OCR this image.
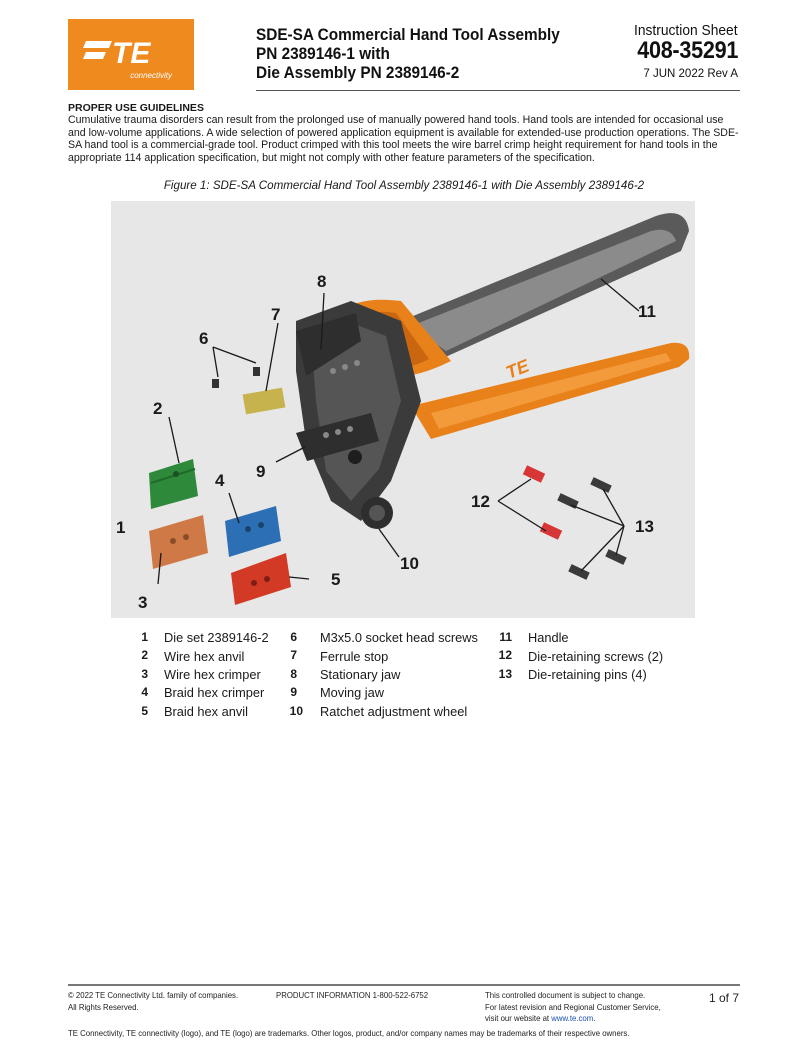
TE
connectivity
SDE-SA Commercial Hand Tool Assembly
PN 2389146-1 with
Die Assembly PN 2389146-2
Instruction Sheet
408-35291
7 JUN 2022 Rev A
PROPER USE GUIDELINES
Cumulative trauma disorders can result from the prolonged use of manually powered hand tools. Hand tools are intended for occasional use and low-volume applications. A wide selection of powered application equipment is available for extended-use production operations. The SDE-SA hand tool is a commercial-grade tool. Product crimped with this tool meets the wire barrel crimp height requirement for hand tools in the appropriate 114 application specification, but might not comply with other feature parameters of the specification.
Figure 1: SDE-SA Commercial Hand Tool Assembly 2389146-1 with Die Assembly 2389146-2
TE
1
2
3
4
5
6
7
8
9
10
11
12
13
1 Die set 2389146-2
2 Wire hex anvil
3 Wire hex crimper
4 Braid hex crimper
5 Braid hex anvil
6 M3x5.0 socket head screws
7 Ferrule stop
8 Stationary jaw
9 Moving jaw
10 Ratchet adjustment wheel
11 Handle
12 Die-retaining screws (2)
13 Die-retaining pins (4)
© 2022 TE Connectivity Ltd. family of companies.
All Rights Reserved.
PRODUCT INFORMATION 1-800-522-6752	This controlled document is subject to change.
For latest revision and Regional Customer Service,
visit our website at www.te.com.
1 of 7
TE Connectivity, TE connectivity (logo), and TE (logo) are trademarks. Other logos, product, and/or company names may be trademarks of their respective owners.
